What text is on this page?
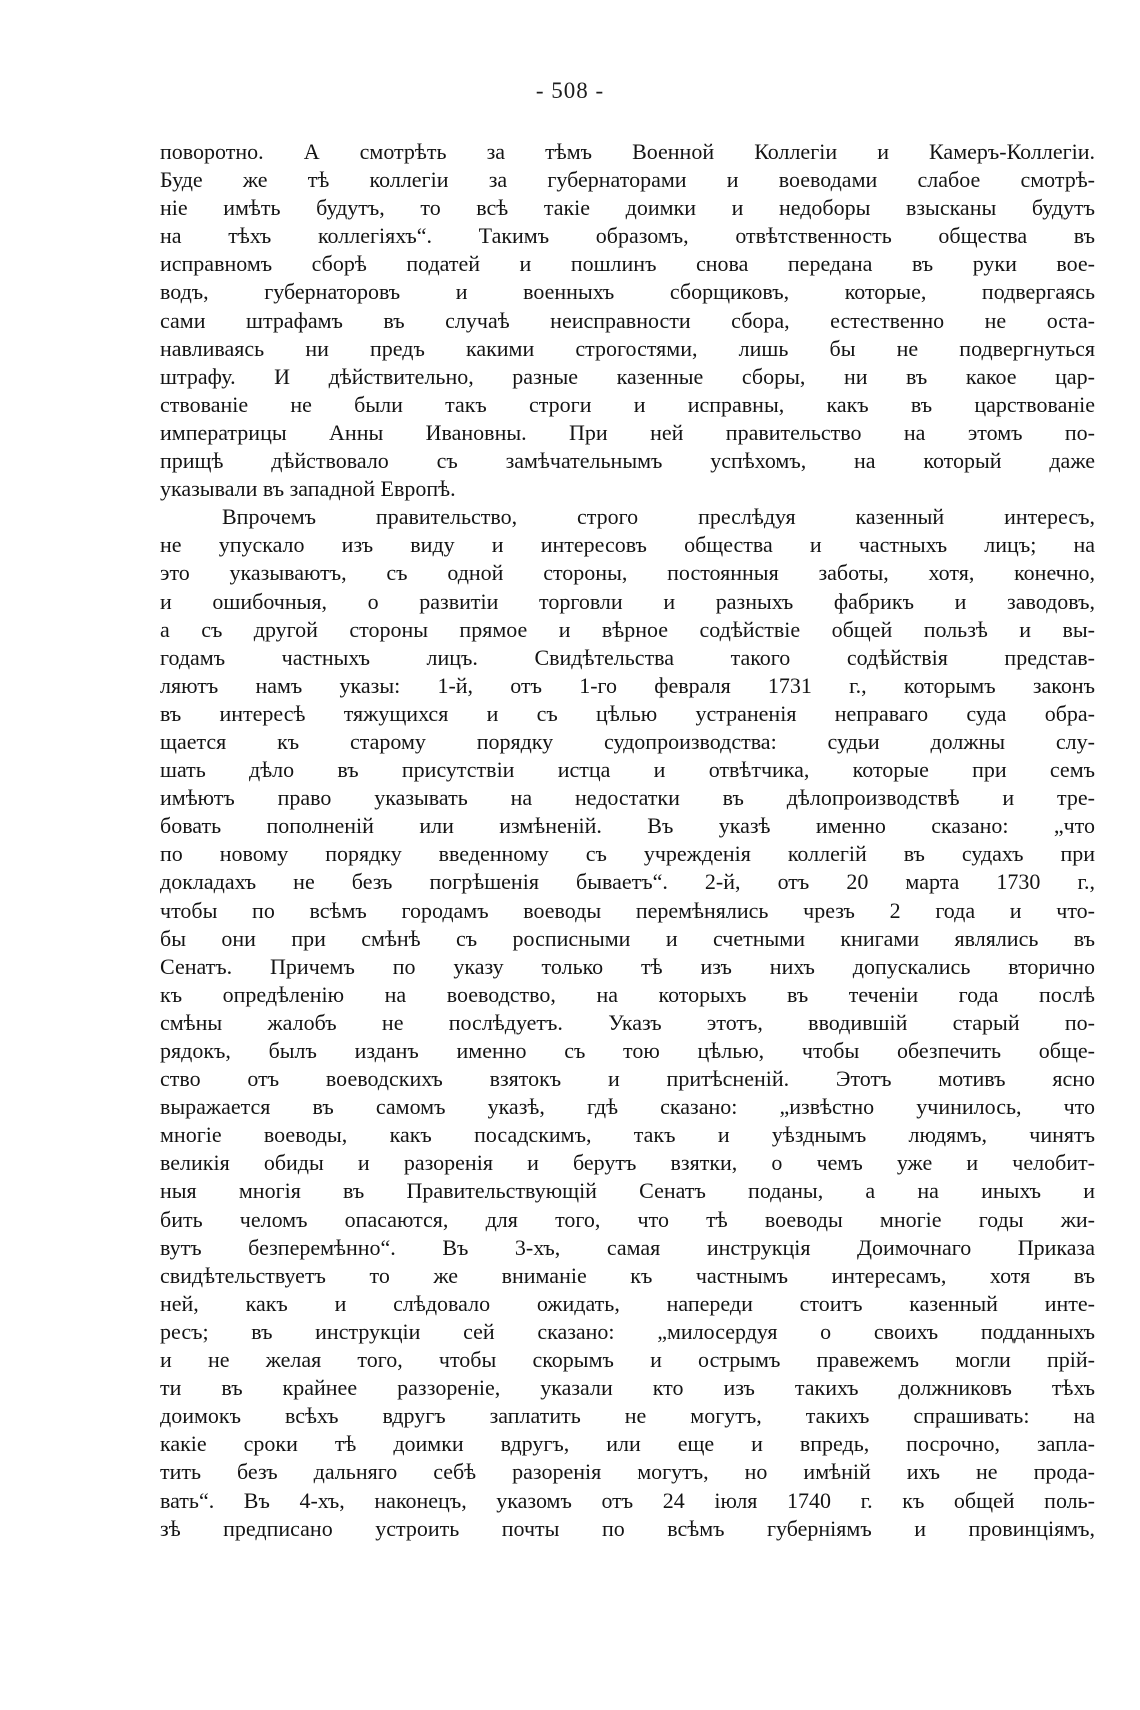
- 508 -
поворотно. А смотрѣть за тѣмъ Военной Коллегіи и Камеръ-Коллегіи.
Буде же тѣ коллегіи за губернаторами и воеводами слабое смотрѣ-
ніе имѣть будутъ, то всѣ такіе доимки и недоборы взысканы будутъ
на тѣхъ коллегіяхъ“. Такимъ образомъ, отвѣтственность общества въ
исправномъ сборѣ податей и пошлинъ снова передана въ руки вое-
водъ, губернаторовъ и военныхъ сборщиковъ, которые, подвергаясь
сами штрафамъ въ случаѣ неисправности сбора, естественно не оста-
навливаясь ни предъ какими строгостями, лишь бы не подвергнуться
штрафу. И дѣйствительно, разные казенные сборы, ни въ какое цар-
ствованіе не были такъ строги и исправны, какъ въ царствованіе
императрицы Анны Ивановны. При ней правительство на этомъ по-
прищѣ дѣйствовало съ замѣчательнымъ успѣхомъ, на который даже
указывали въ западной Европѣ.
Впрочемъ правительство, строго преслѣдуя казенный интересъ,
не упускало изъ виду и интересовъ общества и частныхъ лицъ; на
это указываютъ, съ одной стороны, постоянныя заботы, хотя, конечно,
и ошибочныя, о развитіи торговли и разныхъ фабрикъ и заводовъ,
а съ другой стороны прямое и вѣрное содѣйствіе общей пользѣ и вы-
годамъ частныхъ лицъ. Свидѣтельства такого содѣйствія представ-
ляютъ намъ указы: 1-й, отъ 1-го февраля 1731 г., которымъ законъ
въ интересѣ тяжущихся и съ цѣлью устраненія неправаго суда обра-
щается къ старому порядку судопроизводства: судьи должны слу-
шать дѣло въ присутствіи истца и отвѣтчика, которые при семъ
имѣютъ право указывать на недостатки въ дѣлопроизводствѣ и тре-
бовать пополненій или измѣненій. Въ указѣ именно сказано: „что
по новому порядку введенному съ учрежденія коллегій въ судахъ при
докладахъ не безъ погрѣшенія бываетъ“. 2-й, отъ 20 марта 1730 г.,
чтобы по всѣмъ городамъ воеводы перемѣнялись чрезъ 2 года и что-
бы они при смѣнѣ съ росписными и счетными книгами являлись въ
Сенатъ. Причемъ по указу только тѣ изъ нихъ допускались вторично
къ опредѣленію на воеводство, на которыхъ въ теченіи года послѣ
смѣны жалобъ не послѣдуетъ. Указъ этотъ, вводившій старый по-
рядокъ, былъ изданъ именно съ тою цѣлью, чтобы обезпечить обще-
ство отъ воеводскихъ взятокъ и притѣсненій. Этотъ мотивъ ясно
выражается въ самомъ указѣ, гдѣ сказано: „извѣстно учинилось, что
многіе воеводы, какъ посадскимъ, такъ и уѣзднымъ людямъ, чинятъ
великія обиды и разоренія и берутъ взятки, о чемъ уже и челобит-
ныя многія въ Правительствующій Сенатъ поданы, а на иныхъ и
бить челомъ опасаются, для того, что тѣ воеводы многіе годы жи-
вутъ безперемѣнно“. Въ 3-хъ, самая инструкція Доимочнаго Приказа
свидѣтельствуетъ то же вниманіе къ частнымъ интересамъ, хотя въ
ней, какъ и слѣдовало ожидать, напереди стоитъ казенный инте-
ресъ; въ инструкціи сей сказано: „милосердуя о своихъ подданныхъ
и не желая того, чтобы скорымъ и острымъ правежемъ могли прій-
ти въ крайнее раззореніе, указали кто изъ такихъ должниковъ тѣхъ
доимокъ всѣхъ вдругъ заплатить не могутъ, такихъ спрашивать: на
какіе сроки тѣ доимки вдругъ, или еще и впредь, посрочно, запла-
тить безъ дальняго себѣ разоренія могутъ, но имѣній ихъ не прода-
вать“. Въ 4-хъ, наконецъ, указомъ отъ 24 іюля 1740 г. къ общей поль-
зѣ предписано устроить почты по всѣмъ губерніямъ и провинціямъ,
